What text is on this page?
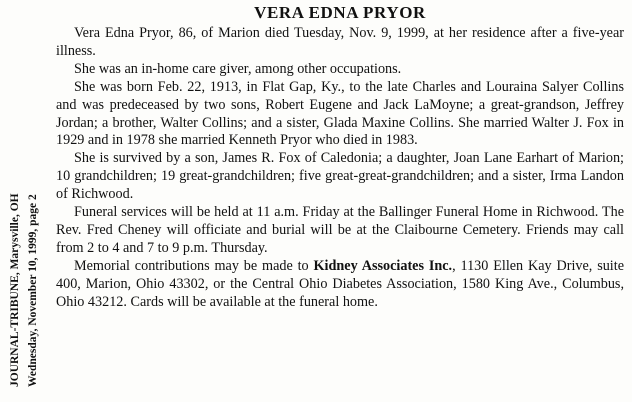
JOURNAL-TRIBUNE, Marysville, OH Wednesday, November 10, 1999, page 2
VERA EDNA PRYOR

Vera Edna Pryor, 86, of Marion died Tuesday, Nov. 9, 1999, at her residence after a five-year illness.

She was an in-home care giver, among other occupations.

She was born Feb. 22, 1913, in Flat Gap, Ky., to the late Charles and Louraina Salyer Collins and was predeceased by two sons, Robert Eugene and Jack LaMoyne; a great-grandson, Jeffrey Jordan; a brother, Walter Collins; and a sister, Glada Maxine Collins. She married Walter J. Fox in 1929 and in 1978 she married Kenneth Pryor who died in 1983.

She is survived by a son, James R. Fox of Caledonia; a daughter, Joan Lane Earhart of Marion; 10 grandchildren; 19 great-grandchildren; five great-great-grandchildren; and a sister, Irma Landon of Richwood.

Funeral services will be held at 11 a.m. Friday at the Ballinger Funeral Home in Richwood. The Rev. Fred Cheney will officiate and burial will be at the Claibourne Cemetery. Friends may call from 2 to 4 and 7 to 9 p.m. Thursday.

Memorial contributions may be made to Kidney Associates Inc., 1130 Ellen Kay Drive, suite 400, Marion, Ohio 43302, or the Central Ohio Diabetes Association, 1580 King Ave., Columbus, Ohio 43212. Cards will be available at the funeral home.
